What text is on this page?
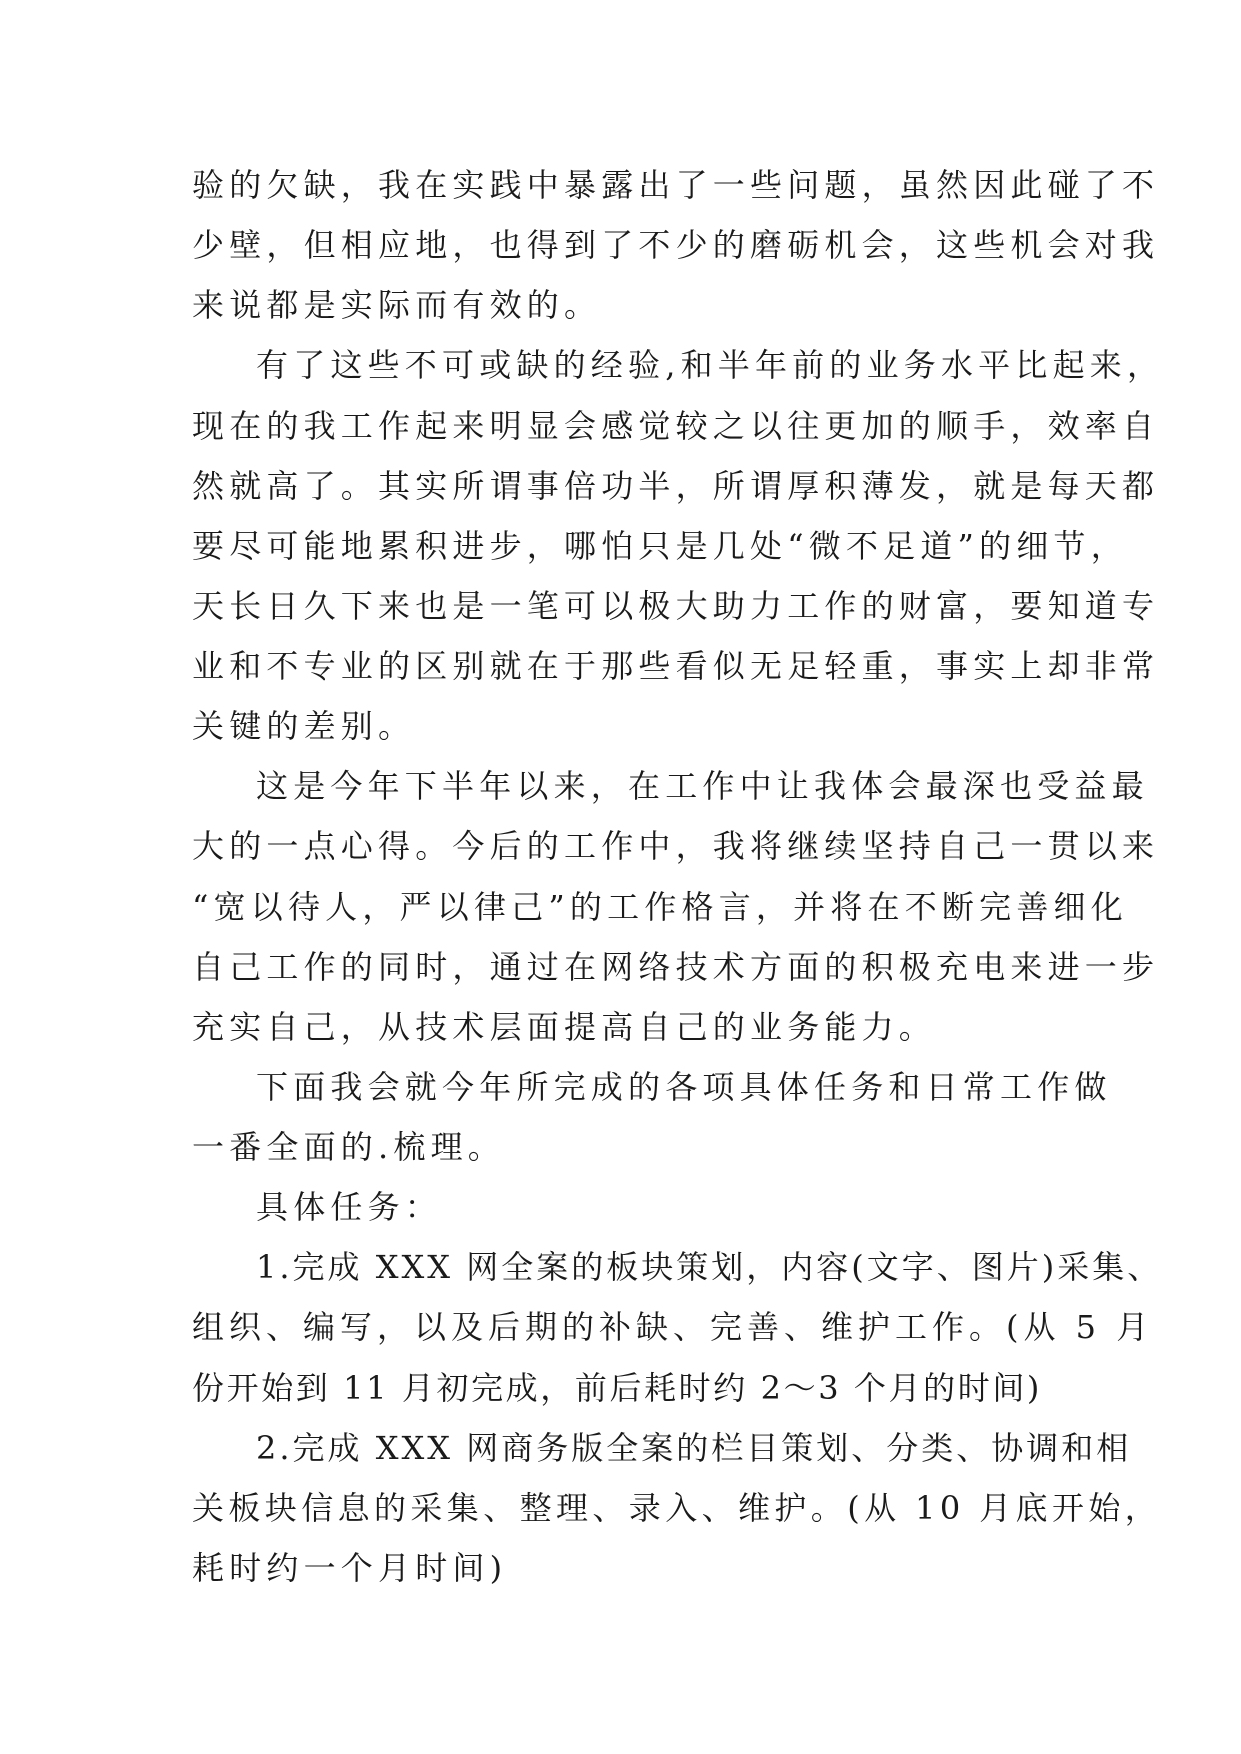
验的欠缺，我在实践中暴露出了一些问题，虽然因此碰了不
少壁，但相应地，也得到了不少的磨砺机会，这些机会对我
来说都是实际而有效的。
有了这些不可或缺的经验,和半年前的业务水平比起来，
现在的我工作起来明显会感觉较之以往更加的顺手，效率自
然就高了。其实所谓事倍功半，所谓厚积薄发，就是每天都
要尽可能地累积进步，哪怕只是几处“微不足道”的细节，
天长日久下来也是一笔可以极大助力工作的财富，要知道专
业和不专业的区别就在于那些看似无足轻重，事实上却非常
关键的差别。
这是今年下半年以来，在工作中让我体会最深也受益最
大的一点心得。今后的工作中，我将继续坚持自己一贯以来
“宽以待人，严以律己”的工作格言，并将在不断完善细化
自己工作的同时，通过在网络技术方面的积极充电来进一步
充实自己，从技术层面提高自己的业务能力。
下面我会就今年所完成的各项具体任务和日常工作做
一番全面的.梳理。
具体任务：
1.完成 XXX 网全案的板块策划，内容(文字、图片)采集、
组织、编写，以及后期的补缺、完善、维护工作。(从 5 月
份开始到 11 月初完成，前后耗时约 2～3 个月的时间)
2.完成 XXX 网商务版全案的栏目策划、分类、协调和相
关板块信息的采集、整理、录入、维护。(从 10 月底开始，
耗时约一个月时间)
